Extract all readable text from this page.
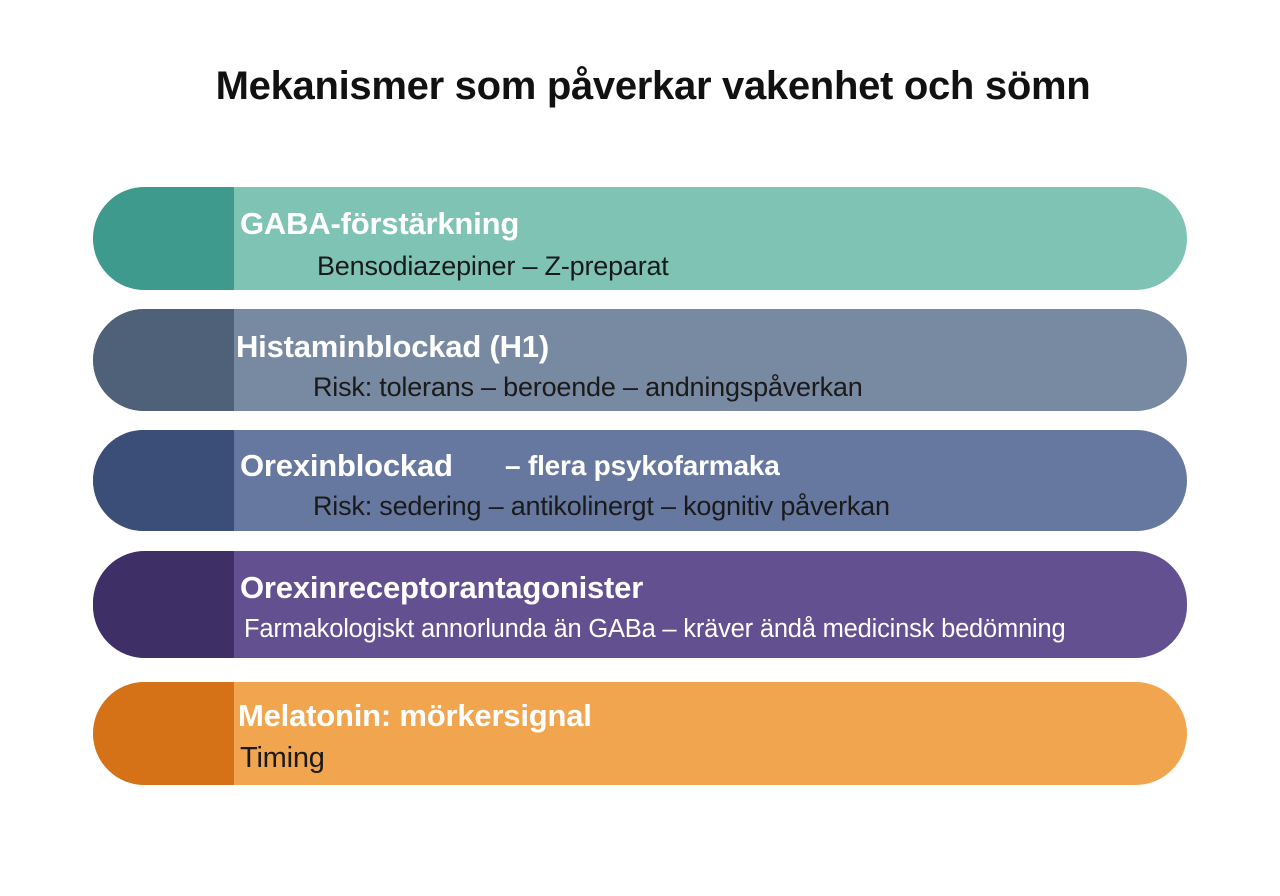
Mekanismer som påverkar vakenhet och sömn
GABA-förstärkning
Bensodiazepiner – Z-preparat
Histaminblockad (H1)
Risk: tolerans – beroende – andningspåverkan
Orexinblockad – flera psykofarmaka
Risk: sedering – antikolinergt – kognitiv påverkan
Orexinreceptorantagonister
Farmakologiskt annorlunda än GABa – kräver ändå medicinsk bedömning
Melatonin: mörkersignal
Timing
